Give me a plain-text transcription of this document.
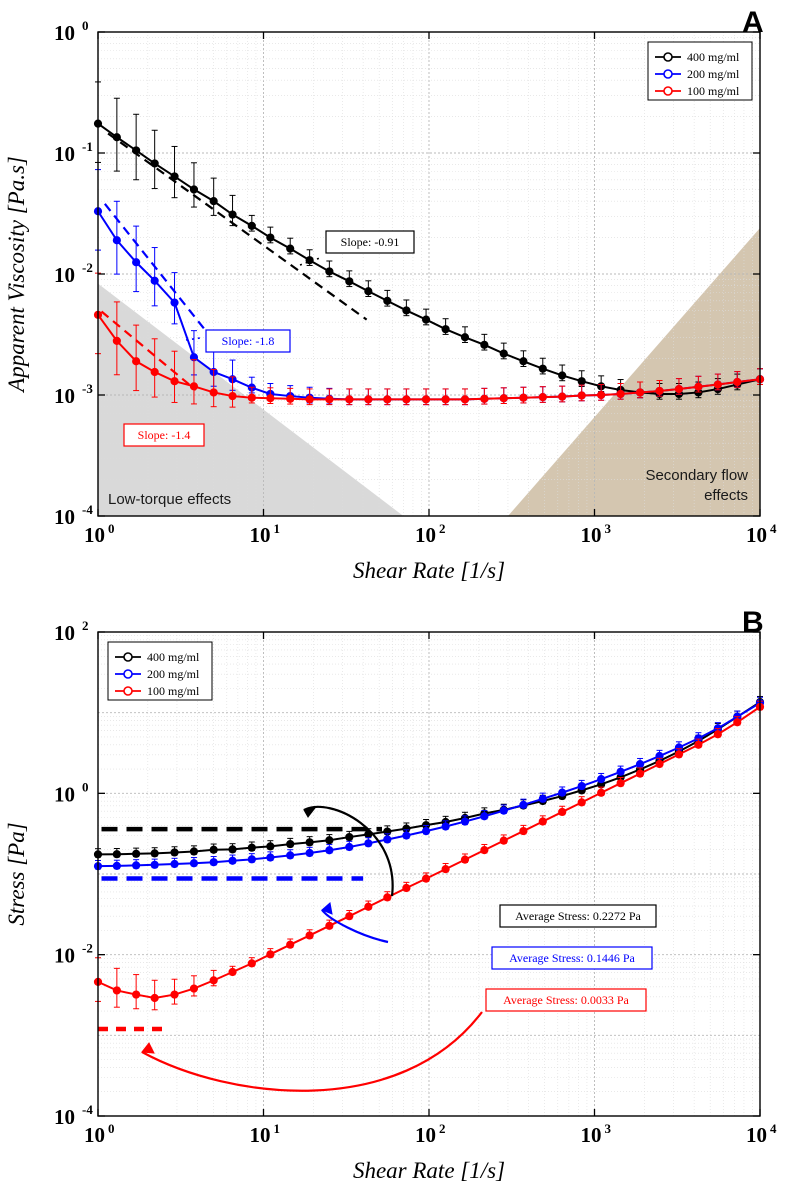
A
Low-torque effects
Secondary flow
effects
10 0	10 1	10 2	10 3	10 4
10 -4
10 -3
10 -2
10 -1
10 0
Shear Rate [1/s]
Apparent Viscosity [Pa.s]
400 mg/ml
200 mg/ml
100 mg/ml
Slope: -0.91
Slope: -1.8
Slope: -1.4
B
10 0	10 1	10 2	10 3	10 4
10 -4
10 -2
10 0
10 2
Shear Rate [1/s]
Stress [Pa]
400 mg/ml
200 mg/ml
100 mg/ml
Average Stress: 0.2272 Pa
Average Stress: 0.1446 Pa
Average Stress: 0.0033 Pa
